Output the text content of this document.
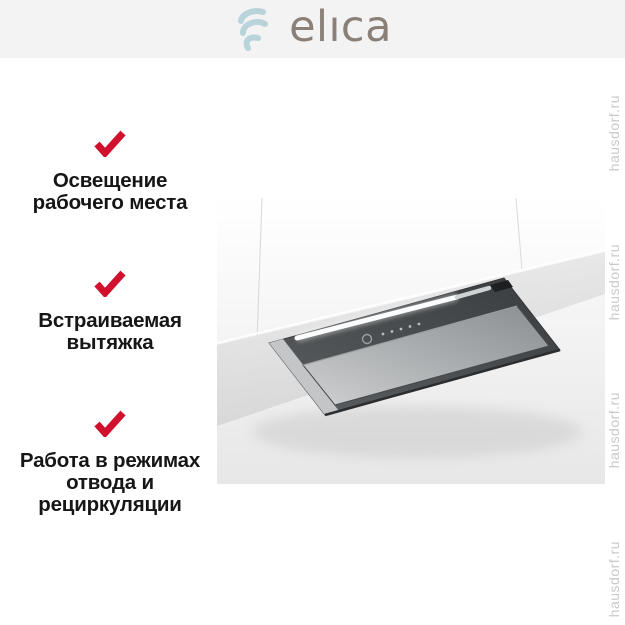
elıca
Освещение
рабочего места
Встраиваемая
вытяжка
Работа в режимах
отвода и
рециркуляции
hausdorf.ru
hausdorf.ru
hausdorf.ru
hausdorf.ru
